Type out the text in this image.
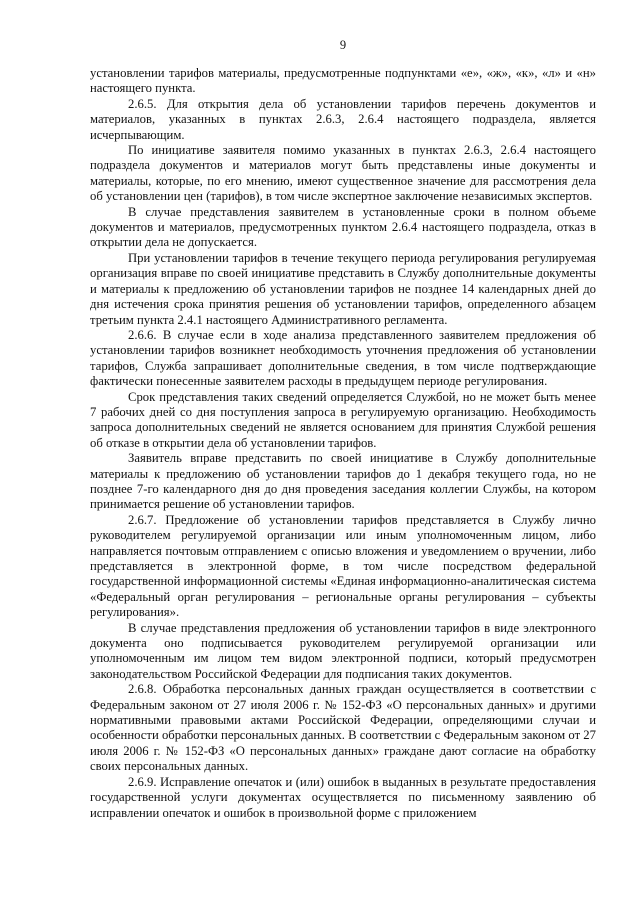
9

установлении тарифов материалы, предусмотренные подпунктами «е», «ж», «к», «л» и «н» настоящего пункта.

2.6.5. Для открытия дела об установлении тарифов перечень документов и материалов, указанных в пунктах 2.6.3, 2.6.4 настоящего подраздела, является исчерпывающим.

По инициативе заявителя помимо указанных в пунктах 2.6.3, 2.6.4 настоящего подраздела документов и материалов могут быть представлены иные документы и материалы, которые, по его мнению, имеют существенное значение для рассмотрения дела об установлении цен (тарифов), в том числе экспертное заключение независимых экспертов.

В случае представления заявителем в установленные сроки в полном объеме документов и материалов, предусмотренных пунктом 2.6.4 настоящего подраздела, отказ в открытии дела не допускается.

При установлении тарифов в течение текущего периода регулирования регулируемая организация вправе по своей инициативе представить в Службу дополнительные документы и материалы к предложению об установлении тарифов не позднее 14 календарных дней до дня истечения срока принятия решения об установлении тарифов, определенного абзацем третьим пункта 2.4.1 настоящего Административного регламента.

2.6.6. В случае если в ходе анализа представленного заявителем предложения об установлении тарифов возникнет необходимость уточнения предложения об установлении тарифов, Служба запрашивает дополнительные сведения, в том числе подтверждающие фактически понесенные заявителем расходы в предыдущем периоде регулирования.

Срок представления таких сведений определяется Службой, но не может быть менее 7 рабочих дней со дня поступления запроса в регулируемую организацию. Необходимость запроса дополнительных сведений не является основанием для принятия Службой решения об отказе в открытии дела об установлении тарифов.

Заявитель вправе представить по своей инициативе в Службу дополнительные материалы к предложению об установлении тарифов до 1 декабря текущего года, но не позднее 7-го календарного дня до дня проведения заседания коллегии Службы, на котором принимается решение об установлении тарифов.

2.6.7. Предложение об установлении тарифов представляется в Службу лично руководителем регулируемой организации или иным уполномоченным лицом, либо направляется почтовым отправлением с описью вложения и уведомлением о вручении, либо представляется в электронной форме, в том числе посредством федеральной государственной информационной системы «Единая информационно-аналитическая система «Федеральный орган регулирования – региональные органы регулирования – субъекты регулирования».

В случае представления предложения об установлении тарифов в виде электронного документа оно подписывается руководителем регулируемой организации или уполномоченным им лицом тем видом электронной подписи, который предусмотрен законодательством Российской Федерации для подписания таких документов.

2.6.8. Обработка персональных данных граждан осуществляется в соответствии с Федеральным законом от 27 июля 2006 г. № 152-ФЗ «О персональных данных» и другими нормативными правовыми актами Российской Федерации, определяющими случаи и особенности обработки персональных данных. В соответствии с Федеральным законом от 27 июля 2006 г. № 152-ФЗ «О персональных данных» граждане дают согласие на обработку своих персональных данных.

2.6.9. Исправление опечаток и (или) ошибок в выданных в результате предоставления государственной услуги документах осуществляется по письменному заявлению об исправлении опечаток и ошибок в произвольной форме с приложением
